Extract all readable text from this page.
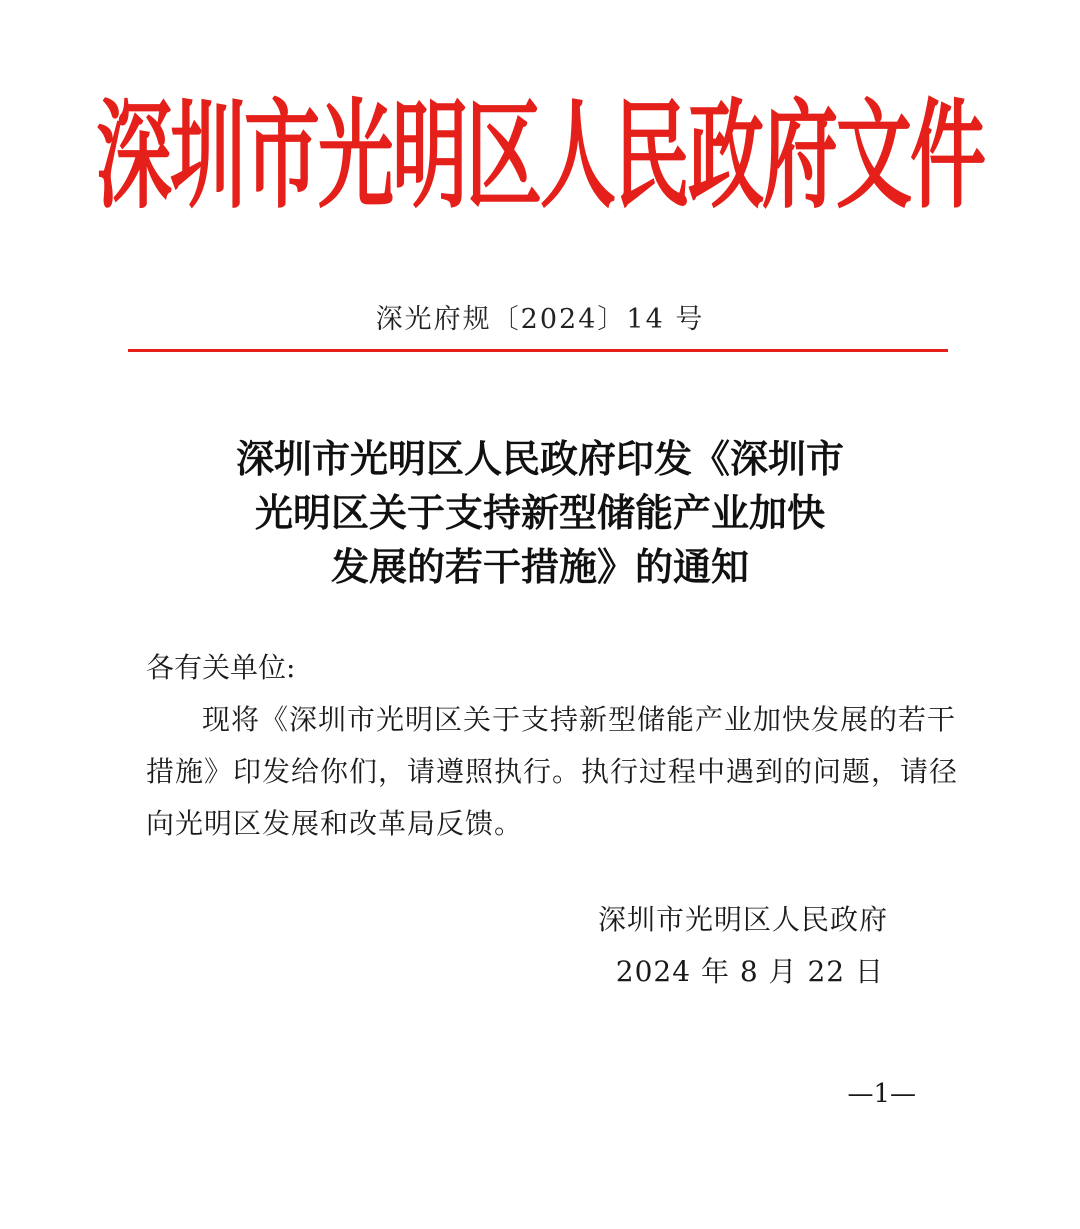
深圳市光明区人民政府文件
深光府规〔2024〕14 号
深圳市光明区人民政府印发《深圳市
光明区关于支持新型储能产业加快
发展的若干措施》的通知
各有关单位:
现将《深圳市光明区关于支持新型储能产业加快发展的若干
措施》印发给你们，请遵照执行。执行过程中遇到的问题，请径
向光明区发展和改革局反馈。
深圳市光明区人民政府
2024 年 8 月 22 日
—1—
